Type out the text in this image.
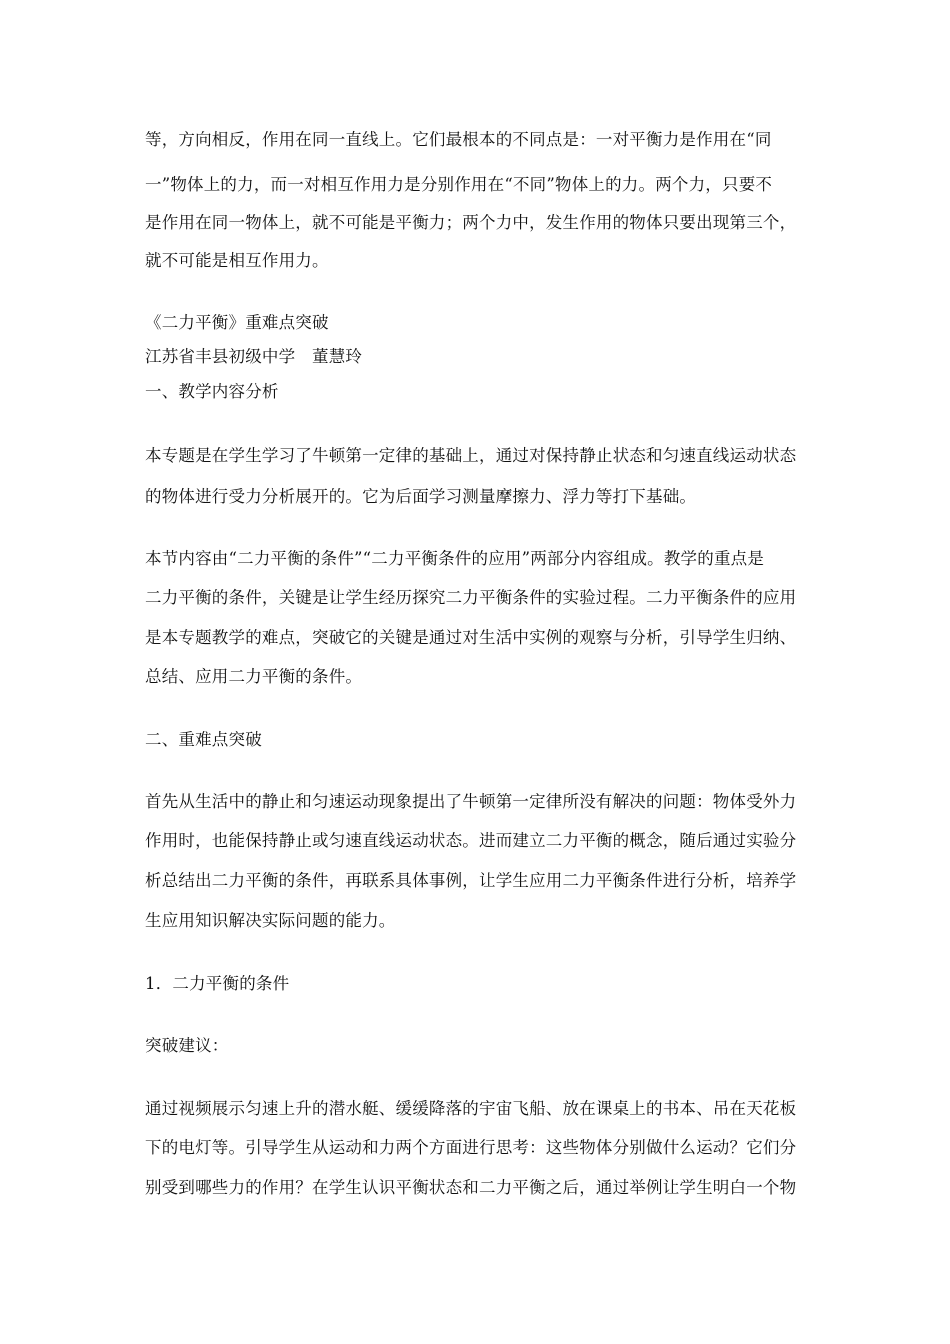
等，方向相反，作用在同一直线上。它们最根本的不同点是：一对平衡力是作用在“同
一”物体上的力，而一对相互作用力是分别作用在“不同”物体上的力。两个力，只要不
是作用在同一物体上，就不可能是平衡力；两个力中，发生作用的物体只要出现第三个，
就不可能是相互作用力。
《二力平衡》重难点突破
江苏省丰县初级中学　董慧玲
一、教学内容分析
本专题是在学生学习了牛顿第一定律的基础上，通过对保持静止状态和匀速直线运动状态
的物体进行受力分析展开的。它为后面学习测量摩擦力、浮力等打下基础。
本节内容由“二力平衡的条件”“二力平衡条件的应用”两部分内容组成。教学的重点是
二力平衡的条件，关键是让学生经历探究二力平衡条件的实验过程。二力平衡条件的应用
是本专题教学的难点，突破它的关键是通过对生活中实例的观察与分析，引导学生归纳、
总结、应用二力平衡的条件。
二、重难点突破
首先从生活中的静止和匀速运动现象提出了牛顿第一定律所没有解决的问题：物体受外力
作用时，也能保持静止或匀速直线运动状态。进而建立二力平衡的概念，随后通过实验分
析总结出二力平衡的条件，再联系具体事例，让学生应用二力平衡条件进行分析，培养学
生应用知识解决实际问题的能力。
1．二力平衡的条件
突破建议：
通过视频展示匀速上升的潜水艇、缓缓降落的宇宙飞船、放在课桌上的书本、吊在天花板
下的电灯等。引导学生从运动和力两个方面进行思考：这些物体分别做什么运动？它们分
别受到哪些力的作用？在学生认识平衡状态和二力平衡之后，通过举例让学生明白一个物
